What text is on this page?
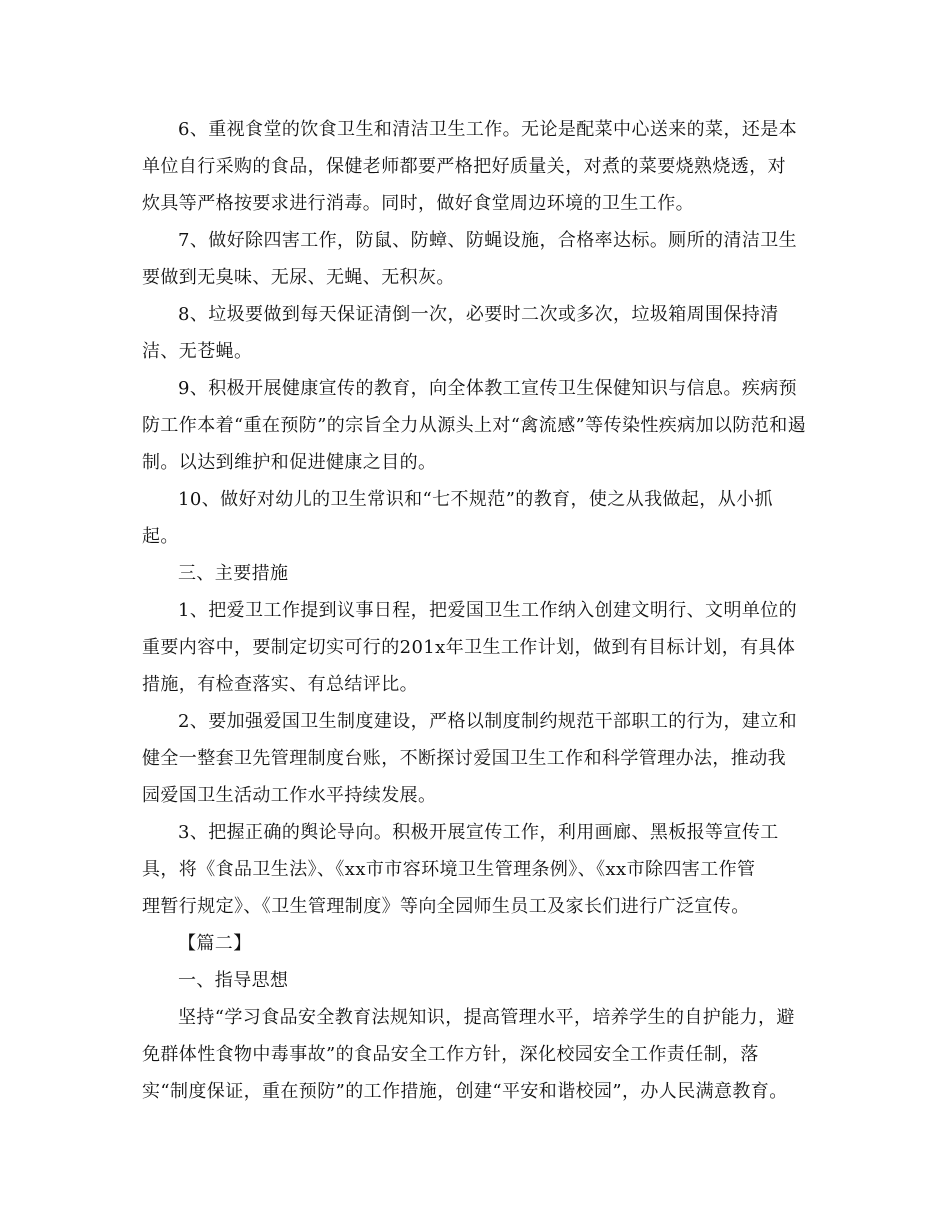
6、重视食堂的饮食卫生和清洁卫生工作。无论是配菜中心送来的菜，还是本
单位自行采购的食品，保健老师都要严格把好质量关，对煮的菜要烧熟烧透，对
炊具等严格按要求进行消毒。同时，做好食堂周边环境的卫生工作。
7、做好除四害工作，防鼠、防蟑、防蝇设施，合格率达标。厕所的清洁卫生
要做到无臭味、无尿、无蝇、无积灰。
8、垃圾要做到每天保证清倒一次，必要时二次或多次，垃圾箱周围保持清
洁、无苍蝇。
9、积极开展健康宣传的教育，向全体教工宣传卫生保健知识与信息。疾病预
防工作本着“重在预防”的宗旨全力从源头上对“禽流感”等传染性疾病加以防范和遏
制。以达到维护和促进健康之目的。
10、做好对幼儿的卫生常识和“七不规范”的教育，使之从我做起，从小抓
起。
三、主要措施
1、把爱卫工作提到议事日程，把爱国卫生工作纳入创建文明行、文明单位的
重要内容中，要制定切实可行的201x年卫生工作计划，做到有目标计划，有具体
措施，有检查落实、有总结评比。
2、要加强爱国卫生制度建设，严格以制度制约规范干部职工的行为，建立和
健全一整套卫先管理制度台账，不断探讨爱国卫生工作和科学管理办法，推动我
园爱国卫生活动工作水平持续发展。
3、把握正确的舆论导向。积极开展宣传工作，利用画廊、黑板报等宣传工
具，将《食品卫生法》、《xx市市容环境卫生管理条例》、《xx市除四害工作管
理暂行规定》、《卫生管理制度》等向全园师生员工及家长们进行广泛宣传。
【篇二】
一、指导思想
坚持“学习食品安全教育法规知识，提高管理水平，培养学生的自护能力，避
免群体性食物中毒事故”的食品安全工作方针，深化校园安全工作责任制，落
实“制度保证，重在预防”的工作措施，创建“平安和谐校园”，办人民满意教育。
